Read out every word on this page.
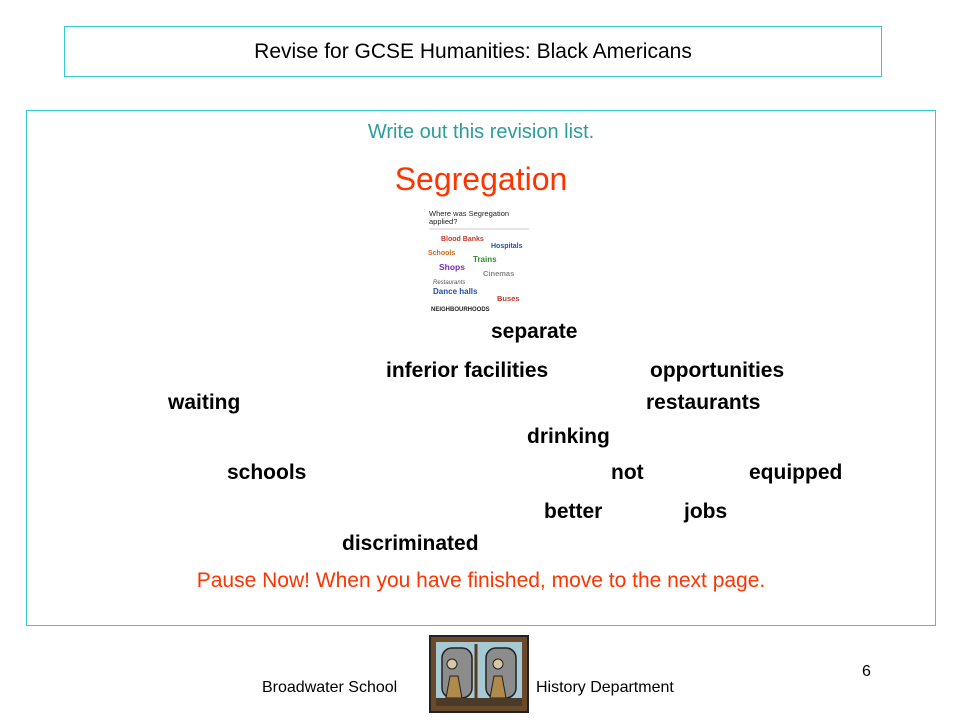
Revise for GCSE Humanities: Black Americans
Write out this revision list.
Segregation
Where was Segregation
applied?
Blood Banks
Hospitals
Schools
Trains
Shops
Cinemas
Restaurants
Dance halls
Buses
NEIGHBOURHOODS
separate
inferior facilities	opportunities
waiting	restaurants
drinking
schools	not	equipped
better	jobs
discriminated
Pause Now! When you have finished, move to the next page.
Broadwater School	History Department
6
